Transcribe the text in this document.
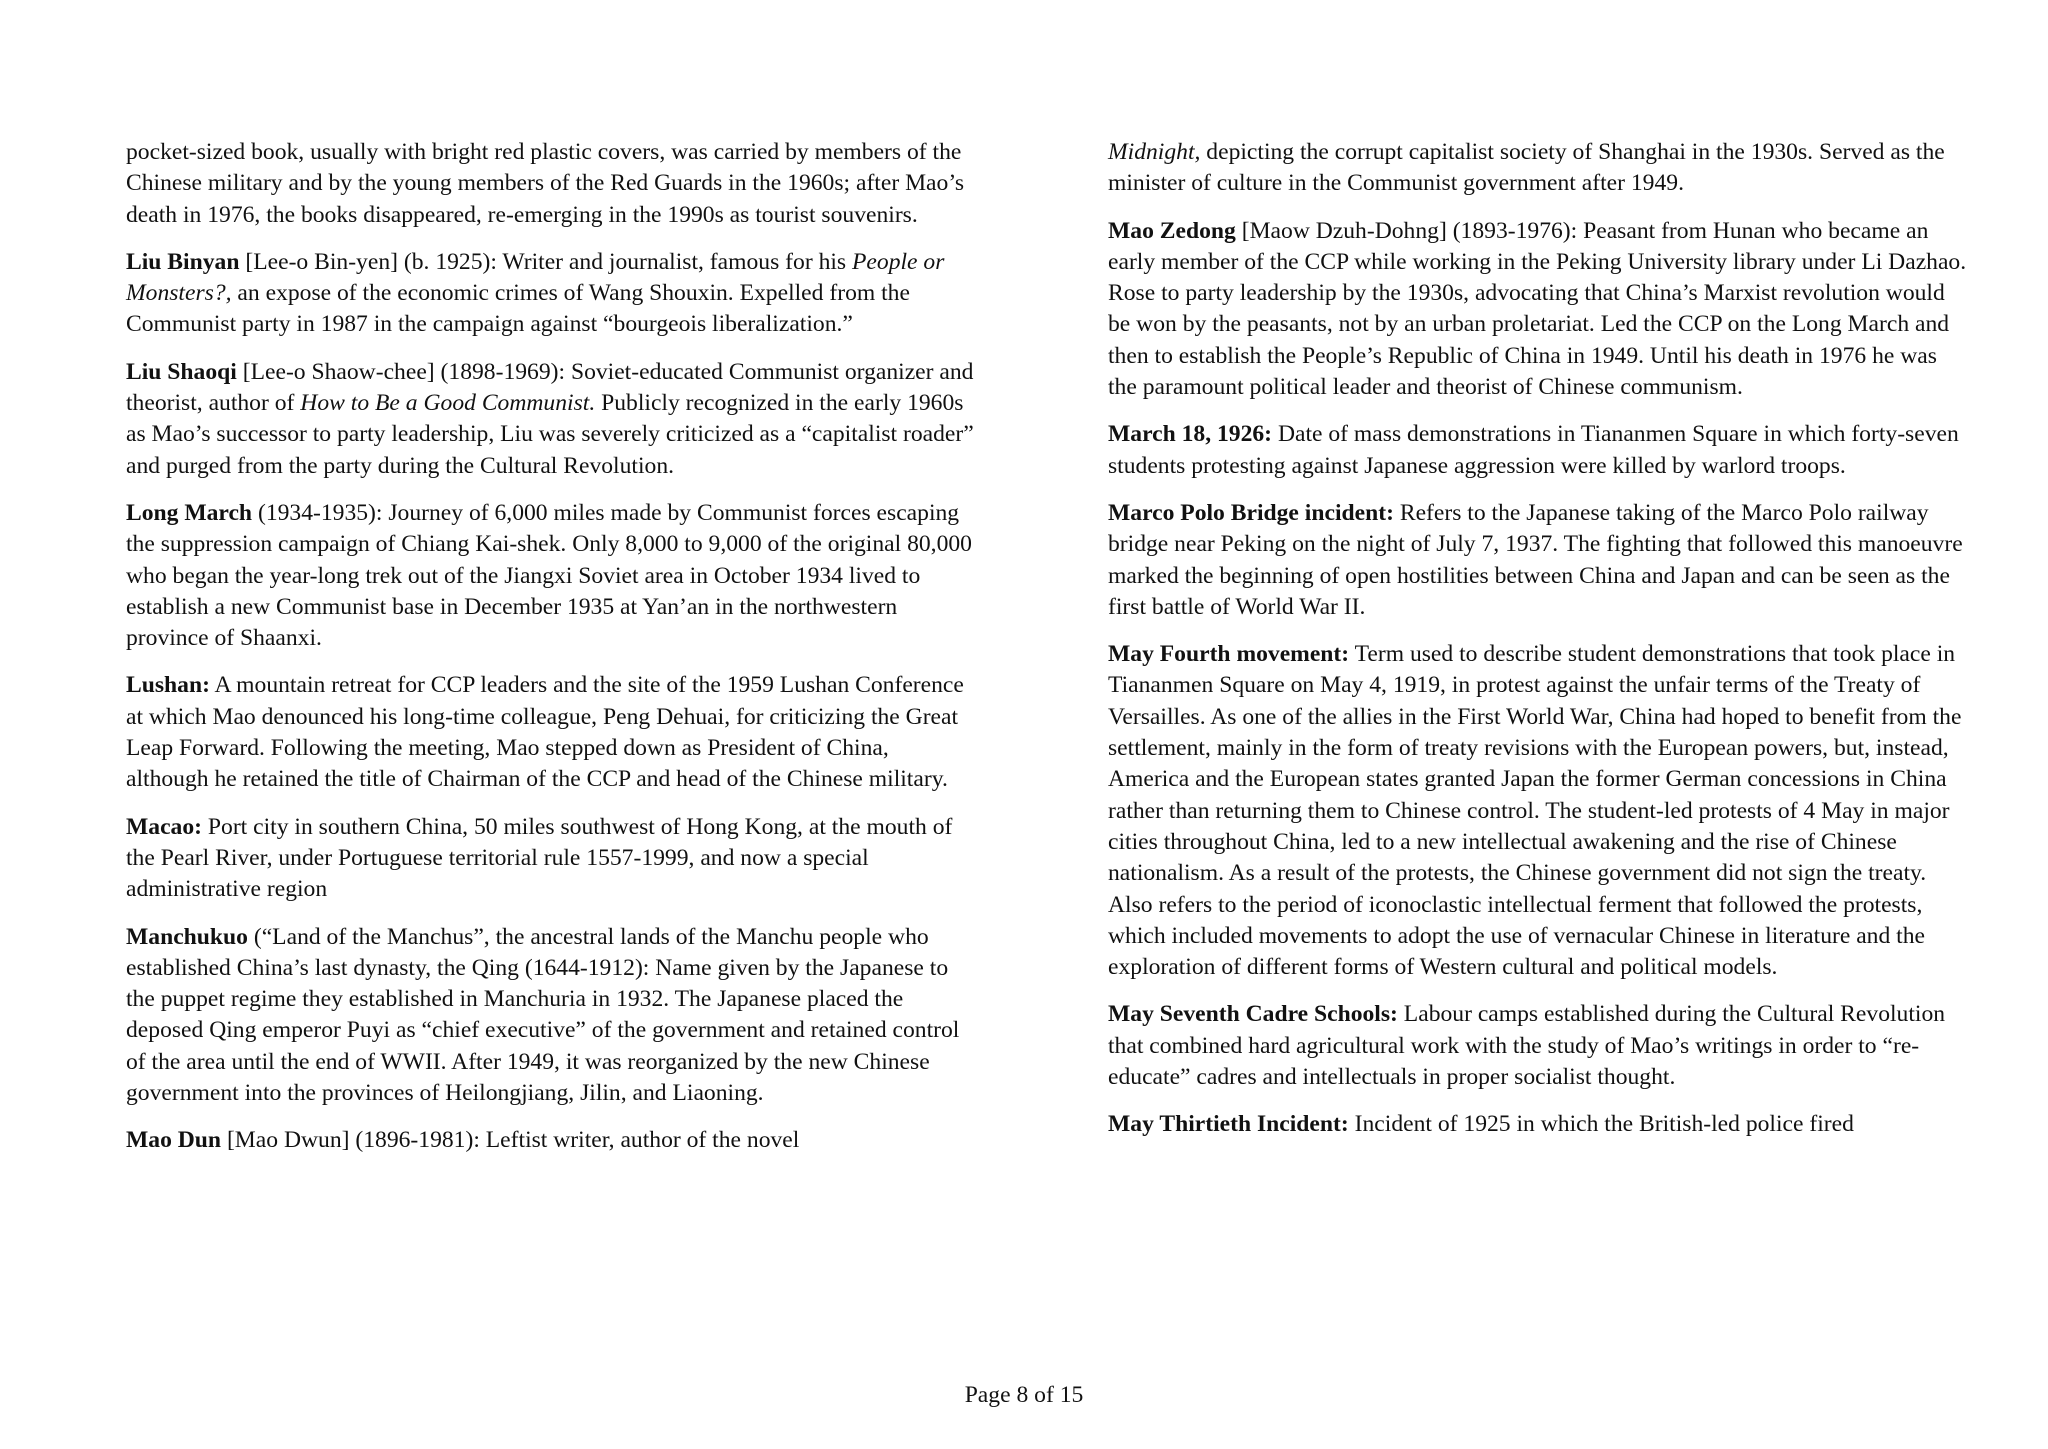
pocket-sized book, usually with bright red plastic covers, was carried by members of the Chinese military and by the young members of the Red Guards in the 1960s; after Mao’s death in 1976, the books disappeared, re-emerging in the 1990s as tourist souvenirs.

Liu Binyan [Lee-o Bin-yen] (b. 1925): Writer and journalist, famous for his People or Monsters?, an expose of the economic crimes of Wang Shouxin. Expelled from the Communist party in 1987 in the campaign against “bourgeois liberalization.”

Liu Shaoqi [Lee-o Shaow-chee] (1898-1969): Soviet-educated Communist organizer and theorist, author of How to Be a Good Communist. Publicly recognized in the early 1960s as Mao’s successor to party leadership, Liu was severely criticized as a “capitalist roader” and purged from the party during the Cultural Revolution.

Long March (1934-1935): Journey of 6,000 miles made by Communist forces escaping the suppression campaign of Chiang Kai-shek. Only 8,000 to 9,000 of the original 80,000 who began the year-long trek out of the Jiangxi Soviet area in October 1934 lived to establish a new Communist base in December 1935 at Yan’an in the northwestern province of Shaanxi.

Lushan: A mountain retreat for CCP leaders and the site of the 1959 Lushan Conference at which Mao denounced his long-time colleague, Peng Dehuai, for criticizing the Great Leap Forward. Following the meeting, Mao stepped down as President of China, although he retained the title of Chairman of the CCP and head of the Chinese military.

Macao: Port city in southern China, 50 miles southwest of Hong Kong, at the mouth of the Pearl River, under Portuguese territorial rule 1557-1999, and now a special administrative region

Manchukuo (“Land of the Manchus”, the ancestral lands of the Manchu people who established China’s last dynasty, the Qing (1644-1912): Name given by the Japanese to the puppet regime they established in Manchuria in 1932. The Japanese placed the deposed Qing emperor Puyi as “chief executive” of the government and retained control of the area until the end of WWII. After 1949, it was reorganized by the new Chinese government into the provinces of Heilongjiang, Jilin, and Liaoning.

Mao Dun [Mao Dwun] (1896-1981): Leftist writer, author of the novel

Midnight, depicting the corrupt capitalist society of Shanghai in the 1930s. Served as the minister of culture in the Communist government after 1949.

Mao Zedong [Maow Dzuh-Dohng] (1893-1976): Peasant from Hunan who became an early member of the CCP while working in the Peking University library under Li Dazhao. Rose to party leadership by the 1930s, advocating that China’s Marxist revolution would be won by the peasants, not by an urban proletariat. Led the CCP on the Long March and then to establish the People’s Republic of China in 1949. Until his death in 1976 he was the paramount political leader and theorist of Chinese communism.

March 18, 1926: Date of mass demonstrations in Tiananmen Square in which forty-seven students protesting against Japanese aggression were killed by warlord troops.

Marco Polo Bridge incident: Refers to the Japanese taking of the Marco Polo railway bridge near Peking on the night of July 7, 1937. The fighting that followed this manoeuvre marked the beginning of open hostilities between China and Japan and can be seen as the first battle of World War II.

May Fourth movement: Term used to describe student demonstrations that took place in Tiananmen Square on May 4, 1919, in protest against the unfair terms of the Treaty of Versailles. As one of the allies in the First World War, China had hoped to benefit from the settlement, mainly in the form of treaty revisions with the European powers, but, instead, America and the European states granted Japan the former German concessions in China rather than returning them to Chinese control. The student-led protests of 4 May in major cities throughout China, led to a new intellectual awakening and the rise of Chinese nationalism. As a result of the protests, the Chinese government did not sign the treaty. Also refers to the period of iconoclastic intellectual ferment that followed the protests, which included movements to adopt the use of vernacular Chinese in literature and the exploration of different forms of Western cultural and political models.

May Seventh Cadre Schools: Labour camps established during the Cultural Revolution that combined hard agricultural work with the study of Mao’s writings in order to “re-educate” cadres and intellectuals in proper socialist thought.

May Thirtieth Incident: Incident of 1925 in which the British-led police fired

Page 8 of 15
